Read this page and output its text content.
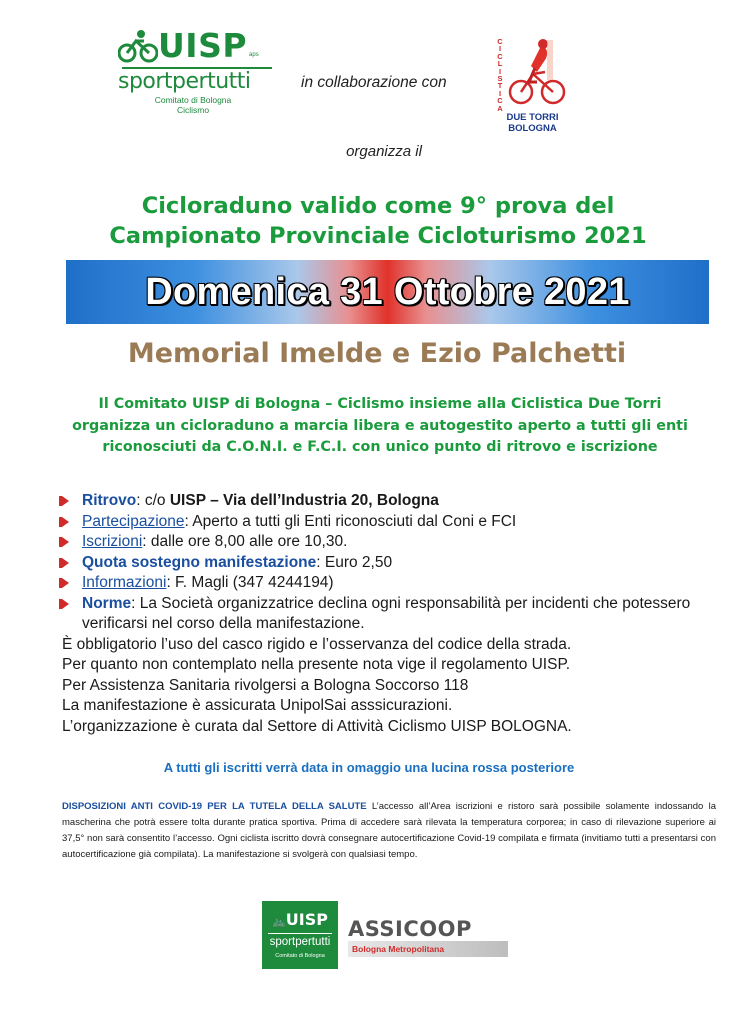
UISP aps
sportpertutti
Comitato di Bologna
Ciclismo
in collaborazione con
C
I
C
L
I
S
T
I
C
A
DUE TORRI
BOLOGNA
organizza il
Cicloraduno valido come 9° prova del
Campionato Provinciale Cicloturismo 2021
Domenica 31 Ottobre 2021
Memorial Imelde e Ezio Palchetti
Il Comitato UISP di Bologna – Ciclismo insieme alla Ciclistica Due Torri
organizza un cicloraduno a marcia libera e autogestito aperto a tutti gli enti
riconosciuti da C.O.N.I. e F.C.I. con unico punto di ritrovo e iscrizione
Ritrovo: c/o UISP – Via dell’Industria 20, Bologna
Partecipazione: Aperto a tutti gli Enti riconosciuti dal Coni e FCI
Iscrizioni: dalle ore 8,00 alle ore 10,30.
Quota sostegno manifestazione: Euro 2,50
Informazioni: F. Magli (347 4244194)
Norme: La Società organizzatrice declina ogni responsabilità per incidenti che potessero verificarsi nel corso della manifestazione.
È obbligatorio l’uso del casco rigido e l’osservanza del codice della strada.
Per quanto non contemplato nella presente nota vige il regolamento UISP.
Per Assistenza Sanitaria rivolgersi a Bologna Soccorso 118
La manifestazione è assicurata UnipolSai asssicurazioni.
L’organizzazione è curata dal Settore di Attività Ciclismo UISP BOLOGNA.
A tutti gli iscritti verrà data in omaggio una lucina rossa posteriore
DISPOSIZIONI ANTI COVID-19 PER LA TUTELA DELLA SALUTE L’accesso all’Area iscrizioni e ristoro sarà possibile solamente indossando la mascherina che potrà essere tolta durante pratica sportiva. Prima di accedere sarà rilevata la temperatura corporea; in caso di rilevazione superiore ai 37,5° non sarà consentito l’accesso. Ogni ciclista iscritto dovrà consegnare autocertificazione Covid-19 compilata e firmata (invitiamo tutti a presentarsi con autocertificazione già compilata). La manifestazione si svolgerà con qualsiasi tempo.
🚲UISP
sportpertutti
Comitato di Bologna
ASSICOOP
Bologna Metropolitana
